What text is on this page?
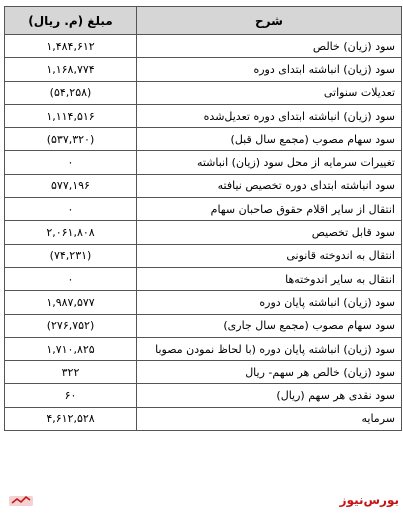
شرح	مبلغ (م. ریال)
سود (زیان) خالص	۱,۴۸۴,۶۱۲
سود (زیان) انباشته ابتدای دوره	۱,۱۶۸,۷۷۴
تعدیلات سنواتی	(۵۴,۲۵۸)
سود (زیان) انباشته ابتدای دوره تعدیل‌شده	۱,۱۱۴,۵۱۶
سود سهام مصوب (مجمع سال قبل)	(۵۳۷,۳۲۰)
تغییرات سرمایه از محل سود (زیان) انباشته	۰
سود انباشته ابتدای دوره تخصیص نیافته	۵۷۷,۱۹۶
انتقال از سایر اقلام حقوق صاحبان سهام	۰
سود قابل تخصیص	۲,۰۶۱,۸۰۸
انتقال به اندوخته قانونی	(۷۴,۲۳۱)
انتقال به سایر اندوخته‌ها	۰
سود (زیان) انباشته پایان دوره	۱,۹۸۷,۵۷۷
سود سهام مصوب (مجمع سال جاری)	(۲۷۶,۷۵۲)
سود (زیان) انباشته پایان دوره (با لحاظ نمودن مصوبا	۱,۷۱۰,۸۲۵
سود (زیان) خالص هر سهم- ریال	۳۲۲
سود نقدی هر سهم (ریال)	۶۰
سرمایه	۴,۶۱۲,۵۲۸
بورس‌نیوز
